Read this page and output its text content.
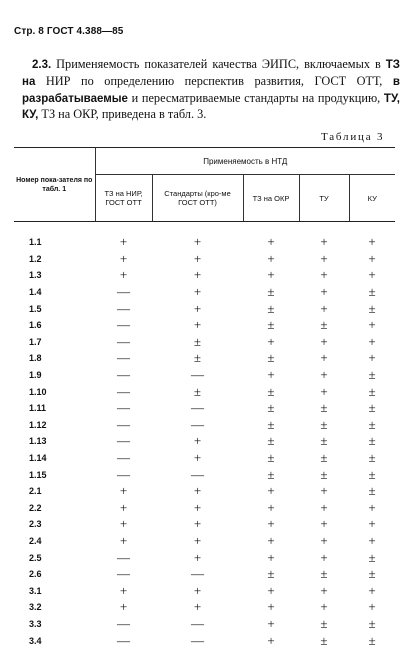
Стр. 8 ГОСТ 4.388—85
2.3. Применяемость показателей качества ЭИПС, включаемых в ТЗ на НИР по определению перспектив развития, ГОСТ ОТТ, в разрабатываемые и пересматриваемые стандарты на продукцию, ТУ, КУ, ТЗ на ОКР, приведена в табл. 3.
Таблица 3
Номер пока-зателя по табл. 1	Применяемость в НТД				
	ТЗ на НИР, ГОСТ ОТТ	Стандарты (кро-ме ГОСТ ОТТ)	ТЗ на ОКР	ТУ	КУ
1.1	+	+	+	+	+
1.2	+	+	+	+	+
1.3	+	+	+	+	+
1.4	—	+	±	+	±
1.5	—	+	±	+	±
1.6	—	+	±	±	+
1.7	—	±	+	+	+
1.8	—	±	±	+	+
1.9	—	—	+	+	±
1.10	—	±	±	+	±
1.11	—	—	±	±	±
1.12	—	—	±	±	±
1.13	—	+	±	±	±
1.14	—	+	±	±	±
1.15	—	—	±	±	±
2.1	+	+	+	+	±
2.2	+	+	+	+	+
2.3	+	+	+	+	+
2.4	+	+	+	+	+
2.5	—	+	+	+	±
2.6	—	—	±	±	±
3.1	+	+	+	+	+
3.2	+	+	+	+	+
3.3	—	—	+	±	±
3.4	—	—	+	±	±
